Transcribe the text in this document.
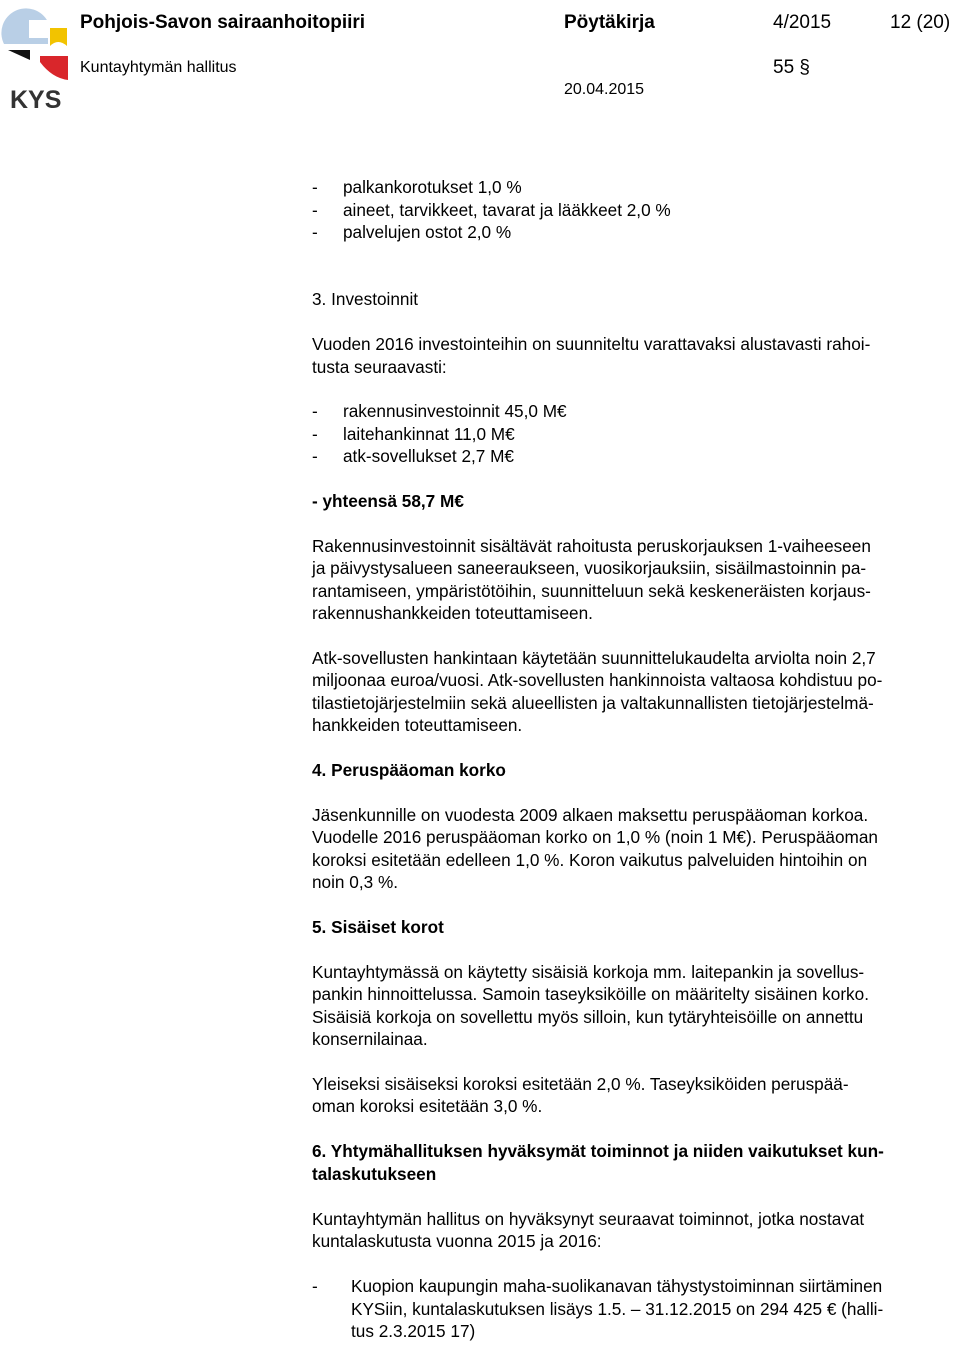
KYS
Pohjois-Savon sairaanhoitopiiri	Pöytäkirja	4/2015	12 (20)
Kuntayhtymän hallitus	55 §
20.04.2015
- palkankorotukset 1,0 %
- aineet, tarvikkeet, tavarat ja lääkkeet 2,0 %
- palvelujen ostot 2,0 %
3. Investoinnit
Vuoden 2016 investointeihin on suunniteltu varattavaksi alustavasti rahoi-
tusta seuraavasti:
- rakennusinvestoinnit 45,0 M€
- laitehankinnat 11,0 M€
- atk-sovellukset 2,7 M€
- yhteensä 58,7 M€
Rakennusinvestoinnit sisältävät rahoitusta peruskorjauksen 1-vaiheeseen
ja päivystysalueen saneeraukseen, vuosikorjauksiin, sisäilmastoinnin pa-
rantamiseen, ympäristötöihin, suunnitteluun sekä keskeneräisten korjaus-
rakennushankkeiden toteuttamiseen.
Atk-sovellusten hankintaan käytetään suunnittelukaudelta arviolta noin 2,7
miljoonaa euroa/vuosi. Atk-sovellusten hankinnoista valtaosa kohdistuu po-
tilastietojärjestelmiin sekä alueellisten ja valtakunnallisten tietojärjestelmä-
hankkeiden toteuttamiseen.
4. Peruspääoman korko
Jäsenkunnille on vuodesta 2009 alkaen maksettu peruspääoman korkoa.
Vuodelle 2016 peruspääoman korko on 1,0 % (noin 1 M€). Peruspääoman
koroksi esitetään edelleen 1,0 %. Koron vaikutus palveluiden hintoihin on
noin 0,3 %.
5. Sisäiset korot
Kuntayhtymässä on käytetty sisäisiä korkoja mm. laitepankin ja sovellus-
pankin hinnoittelussa. Samoin taseyksiköille on määritelty sisäinen korko.
Sisäisiä korkoja on sovellettu myös silloin, kun tytäryhteisöille on annettu
konsernilainaa.
Yleiseksi sisäiseksi koroksi esitetään 2,0 %. Taseyksiköiden peruspää-
oman koroksi esitetään 3,0 %.
6. Yhtymähallituksen hyväksymät toiminnot ja niiden vaikutukset kun-
talaskutukseen
Kuntayhtymän hallitus on hyväksynyt seuraavat toiminnot, jotka nostavat
kuntalaskutusta vuonna 2015 ja 2016:
- Kuopion kaupungin maha-suolikanavan tähystystoiminnan siirtäminen
KYSiin, kuntalaskutuksen lisäys 1.5. – 31.12.2015 on 294 425 € (halli-
tus 2.3.2015 17)
